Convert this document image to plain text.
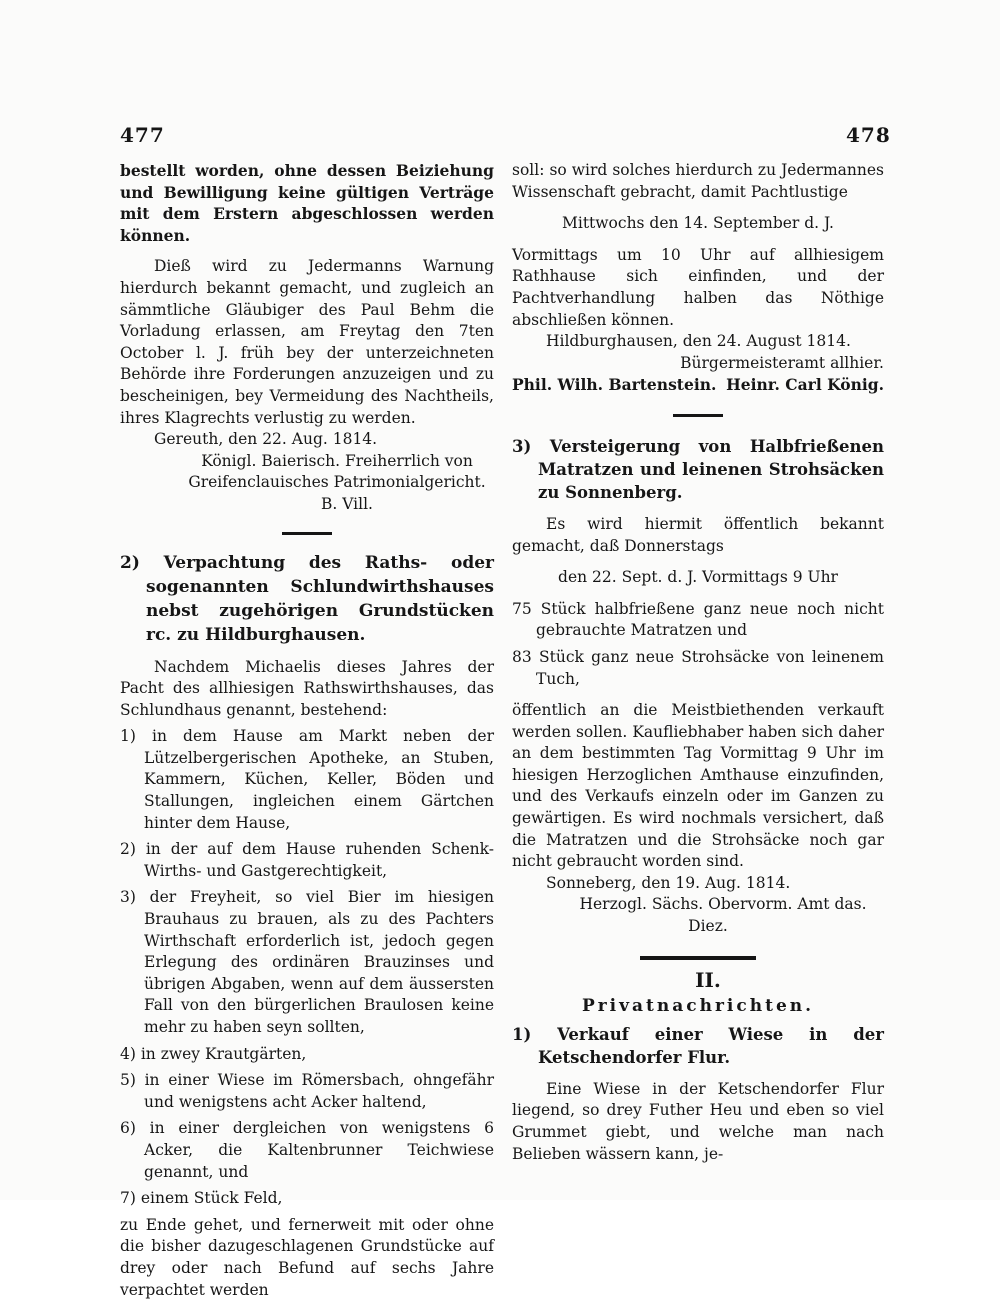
477	478

bestellt worden, ohne dessen Beiziehung und Bewilligung keine gültigen Verträge mit dem Erstern abgeschlossen werden können.

Dieß wird zu Jedermanns Warnung hierdurch bekannt gemacht, und zugleich an sämmtliche Gläubiger des Paul Behm die Vorladung erlassen, am Freytag den 7ten October l. J. früh bey der unterzeichneten Behörde ihre Forderungen anzuzeigen und zu bescheinigen, bey Vermeidung des Nachtheils, ihres Klagrechts verlustig zu werden.

Gereuth, den 22. Aug. 1814.

Königl. Baierisch. Freiherrlich von Greifenclauisches Patrimonialgericht.

B. Vill.

2) Verpachtung des Raths- oder sogenannten Schlundwirthshauses nebst zugehörigen Grundstücken rc. zu Hildburghausen.

Nachdem Michaelis dieses Jahres der Pacht des allhiesigen Rathswirthshauses, das Schlundhaus genannt, bestehend:

1) in dem Hause am Markt neben der Lützelbergerischen Apotheke, an Stuben, Kammern, Küchen, Keller, Böden und Stallungen, ingleichen einem Gärtchen hinter dem Hause,

2) in der auf dem Hause ruhenden Schenk-Wirths- und Gastgerechtigkeit,

3) der Freyheit, so viel Bier im hiesigen Brauhaus zu brauen, als zu des Pachters Wirthschaft erforderlich ist, jedoch gegen Erlegung des ordinären Brauzinses und übrigen Abgaben, wenn auf dem äussersten Fall von den bürgerlichen Braulosen keine mehr zu haben seyn sollten,

4) in zwey Krautgärten,

5) in einer Wiese im Römersbach, ohngefähr und wenigstens acht Acker haltend,

6) in einer dergleichen von wenigstens 6 Acker, die Kaltenbrunner Teichwiese genannt, und

7) einem Stück Feld,

zu Ende gehet, und fernerweit mit oder ohne die bisher dazugeschlagenen Grundstücke auf drey oder nach Befund auf sechs Jahre verpachtet werden

soll: so wird solches hierdurch zu Jedermannes Wissenschaft gebracht, damit Pachtlustige

Mittwochs den 14. September d. J.

Vormittags um 10 Uhr auf allhiesigem Rathhause sich einfinden, und der Pachtverhandlung halben das Nöthige abschließen können.

Hildburghausen, den 24. August 1814.

Bürgermeisteramt allhier.

Phil. Wilh. Bartenstein. Heinr. Carl König.

3) Versteigerung von Halbfrießenen Matratzen und leinenen Strohsäcken zu Sonnenberg.

Es wird hiermit öffentlich bekannt gemacht, daß Donnerstags

den 22. Sept. d. J. Vormittags 9 Uhr

75 Stück halbfrießene ganz neue noch nicht gebrauchte Matratzen und

83 Stück ganz neue Strohsäcke von leinenem Tuch,

öffentlich an die Meistbiethenden verkauft werden sollen. Kaufliebhaber haben sich daher an dem bestimmten Tag Vormittag 9 Uhr im hiesigen Herzoglichen Amthause einzufinden, und des Verkaufs einzeln oder im Ganzen zu gewärtigen. Es wird nochmals versichert, daß die Matratzen und die Strohsäcke noch gar nicht gebraucht worden sind.

Sonneberg, den 19. Aug. 1814.

Herzogl. Sächs. Obervorm. Amt das.

Diez.

II.

Privatnachrichten.

1) Verkauf einer Wiese in der Ketschendorfer Flur.

Eine Wiese in der Ketschendorfer Flur liegend, so drey Futher Heu und eben so viel Grummet giebt, und welche man nach Belieben wässern kann, je-
